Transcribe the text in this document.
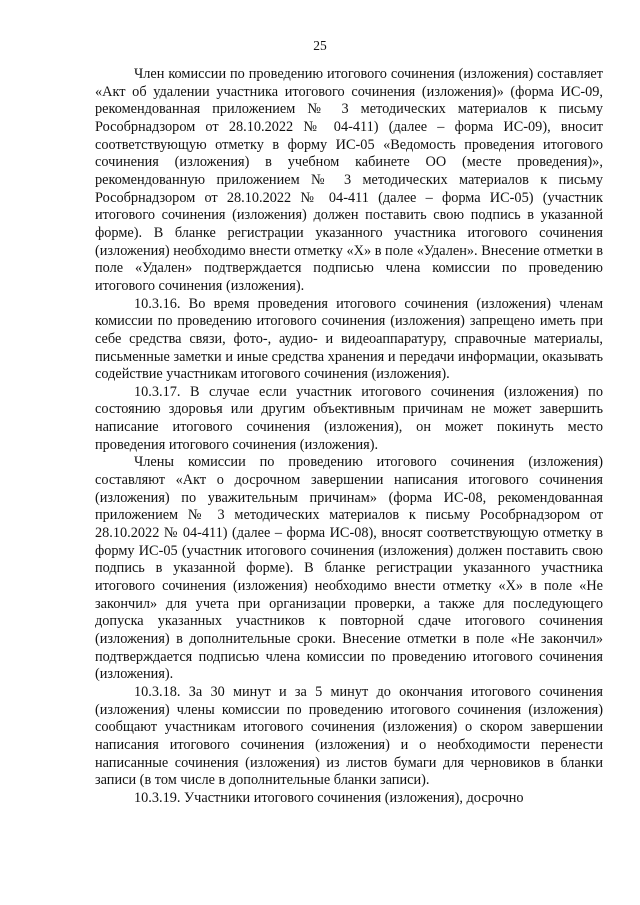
25

Член комиссии по проведению итогового сочинения (изложения) составляет «Акт об удалении участника итогового сочинения (изложения)» (форма ИС-09, рекомендованная приложением № 3 методических материалов к письму Рособрнадзором от 28.10.2022 № 04-411) (далее – форма ИС-09), вносит соответствующую отметку в форму ИС-05 «Ведомость проведения итогового сочинения (изложения) в учебном кабинете ОО (месте проведения)», рекомендованную приложением № 3 методических материалов к письму Рособрнадзором от 28.10.2022 № 04-411 (далее – форма ИС-05) (участник итогового сочинения (изложения) должен поставить свою подпись в указанной форме). В бланке регистрации указанного участника итогового сочинения (изложения) необходимо внести отметку «X» в поле «Удален». Внесение отметки в поле «Удален» подтверждается подписью члена комиссии по проведению итогового сочинения (изложения).

10.3.16. Во время проведения итогового сочинения (изложения) членам комиссии по проведению итогового сочинения (изложения) запрещено иметь при себе средства связи, фото-, аудио- и видеоаппаратуру, справочные материалы, письменные заметки и иные средства хранения и передачи информации, оказывать содействие участникам итогового сочинения (изложения).

10.3.17. В случае если участник итогового сочинения (изложения) по состоянию здоровья или другим объективным причинам не может завершить написание итогового сочинения (изложения), он может покинуть место проведения итогового сочинения (изложения).

Члены комиссии по проведению итогового сочинения (изложения) составляют «Акт о досрочном завершении написания итогового сочинения (изложения) по уважительным причинам» (форма ИС-08, рекомендованная приложением № 3 методических материалов к письму Рособрнадзором от 28.10.2022 № 04-411) (далее – форма ИС-08), вносят соответствующую отметку в форму ИС-05 (участник итогового сочинения (изложения) должен поставить свою подпись в указанной форме). В бланке регистрации указанного участника итогового сочинения (изложения) необходимо внести отметку «X» в поле «Не закончил» для учета при организации проверки, а также для последующего допуска указанных участников к повторной сдаче итогового сочинения (изложения) в дополнительные сроки. Внесение отметки в поле «Не закончил» подтверждается подписью члена комиссии по проведению итогового сочинения (изложения).

10.3.18. За 30 минут и за 5 минут до окончания итогового сочинения (изложения) члены комиссии по проведению итогового сочинения (изложения) сообщают участникам итогового сочинения (изложения) о скором завершении написания итогового сочинения (изложения) и о необходимости перенести написанные сочинения (изложения) из листов бумаги для черновиков в бланки записи (в том числе в дополнительные бланки записи).

10.3.19. Участники итогового сочинения (изложения), досрочно
